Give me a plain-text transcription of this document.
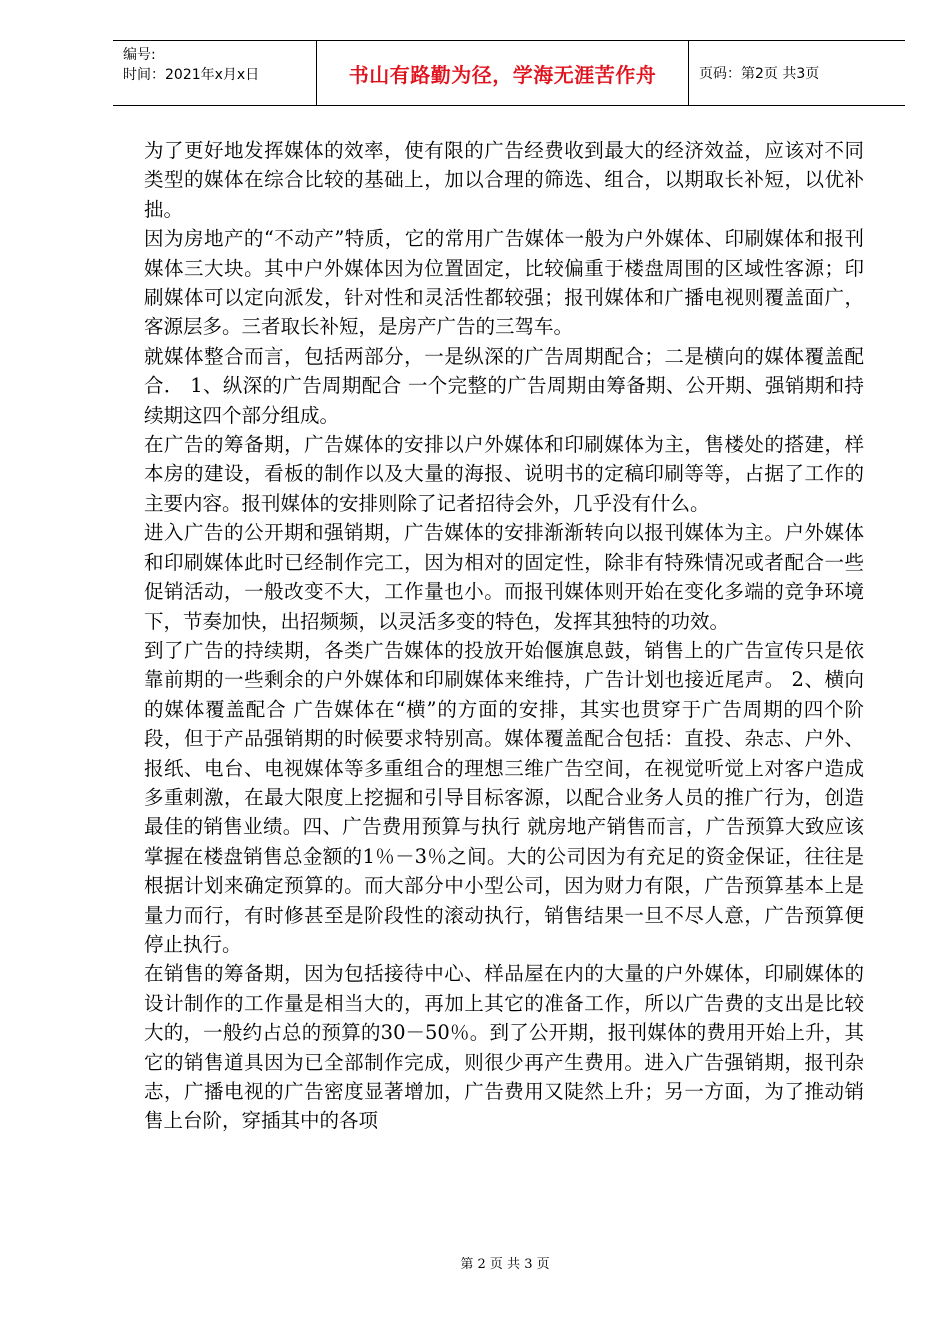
编号:
时间：2021年x月x日	书山有路勤为径，学海无涯苦作舟	页码：第2页 共3页

为了更好地发挥媒体的效率，使有限的广告经费收到最大的经济效益，应该对不同类型的媒体在综合比较的基础上，加以合理的筛选、组合，以期取长补短，以优补拙。

因为房地产的“不动产”特质，它的常用广告媒体一般为户外媒体、印刷媒体和报刊媒体三大块。其中户外媒体因为位置固定，比较偏重于楼盘周围的区域性客源；印刷媒体可以定向派发，针对性和灵活性都较强；报刊媒体和广播电视则覆盖面广，客源层多。三者取长补短，是房产广告的三驾车。

就媒体整合而言，包括两部分，一是纵深的广告周期配合；二是横向的媒体覆盖配合． 1、纵深的广告周期配合 一个完整的广告周期由筹备期、公开期、强销期和持续期这四个部分组成。

在广告的筹备期，广告媒体的安排以户外媒体和印刷媒体为主，售楼处的搭建，样本房的建设，看板的制作以及大量的海报、说明书的定稿印刷等等，占据了工作的主要内容。报刊媒体的安排则除了记者招待会外，几乎没有什么。

进入广告的公开期和强销期，广告媒体的安排渐渐转向以报刊媒体为主。户外媒体和印刷媒体此时已经制作完工，因为相对的固定性，除非有特殊情况或者配合一些促销活动，一般改变不大，工作量也小。而报刊媒体则开始在变化多端的竞争环境下，节奏加快，出招频频，以灵活多变的特色，发挥其独特的功效。

到了广告的持续期，各类广告媒体的投放开始偃旗息鼓，销售上的广告宣传只是依靠前期的一些剩余的户外媒体和印刷媒体来维持，广告计划也接近尾声。 2、横向的媒体覆盖配合 广告媒体在“横”的方面的安排，其实也贯穿于广告周期的四个阶段，但于产品强销期的时候要求特别高。媒体覆盖配合包括：直投、杂志、户外、报纸、电台、电视媒体等多重组合的理想三维广告空间，在视觉听觉上对客户造成多重刺激，在最大限度上挖掘和引导目标客源，以配合业务人员的推广行为，创造最佳的销售业绩。四、广告费用预算与执行 就房地产销售而言，广告预算大致应该掌握在楼盘销售总金额的1％－3％之间。大的公司因为有充足的资金保证，往往是根据计划来确定预算的。而大部分中小型公司，因为财力有限，广告预算基本上是量力而行，有时修甚至是阶段性的滚动执行，销售结果一旦不尽人意，广告预算便停止执行。

在销售的筹备期，因为包括接待中心、样品屋在内的大量的户外媒体，印刷媒体的设计制作的工作量是相当大的，再加上其它的准备工作，所以广告费的支出是比较大的，一般约占总的预算的30－50％。到了公开期，报刊媒体的费用开始上升，其它的销售道具因为已全部制作完成，则很少再产生费用。进入广告强销期，报刊杂志，广播电视的广告密度显著增加，广告费用又陡然上升；另一方面，为了推动销售上台阶，穿插其中的各项

第 2 页 共 3 页
